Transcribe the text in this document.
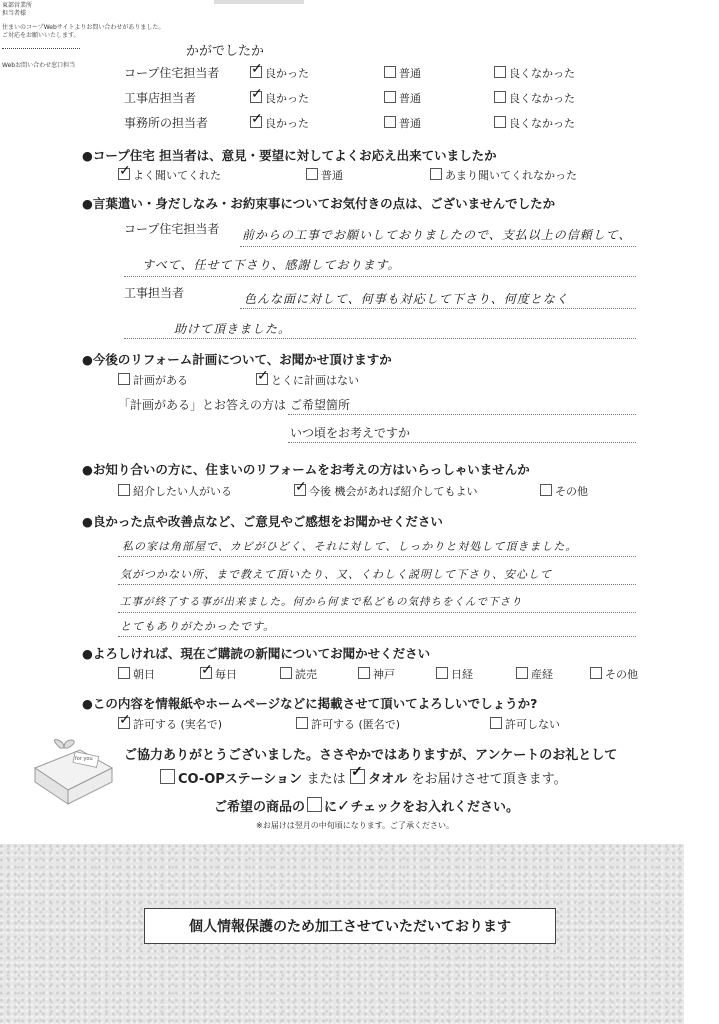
東部営業所
担当者様
住まいのコープWebサイトよりお問い合わせがありました。
ご対応をお願いいたします。
Webお問い合わせ窓口担当
かがでしたか
コープ住宅担当者 ✓	良かった	普通	良くなかった
工事店担当者 ✓	良かった	普通	良くなかった
事務所の担当者 ✓	良かった	普通	良くなかった
●コープ住宅 担当者は、意見・要望に対してよくお応え出来ていましたか
✓よく聞いてくれた	普通	あまり聞いてくれなかった
●言葉遣い・身だしなみ・お約束事についてお気付きの点は、ございませんでしたか
コープ住宅担当者 前からの工事でお願いしておりましたので、支払以上の信頼して、
すべて、任せて下さり、感謝しております。
工事担当者	色んな面に対して、何事も対応して下さり、何度となく
助けて頂きました。
●今後のリフォーム計画について、お聞かせ頂けますか
計画がある ✓	とくに計画はない
「計画がある」とお答えの方は ご希望箇所
いつ頃をお考えですか
●お知り合いの方に、住まいのリフォームをお考えの方はいらっしゃいませんか
紹介したい人がいる ✓	今後 機会があれば紹介してもよい	その他
●良かった点や改善点など、ご意見やご感想をお聞かせください
私の家は角部屋で、カビがひどく、それに対して、しっかりと対処して頂きました。
気がつかない所、まで教えて頂いたり、又、くわしく説明して下さり、安心して
工事が終了する事が出来ました。何から何まで私どもの気持ちをくんで下さり
とてもありがたかったです。
●よろしければ、現在ご購読の新聞についてお聞かせください
朝日 ✓	毎日	読売	神戸	日経	産経	その他
●この内容を情報紙やホームページなどに掲載させて頂いてよろしいでしょうか?
✓許可する (実名で)	許可する (匿名で)	許可しない
for you ご協力ありがとうございました。ささやかではありますが、アンケートのお礼として
CO-OPステーション または ✓ タオル をお届けさせて頂きます。
ご希望の商品の に✓チェックをお入れください。
※お届けは翌月の中旬頃になります。ご了承ください。
個人情報保護のため加工させていただいております
